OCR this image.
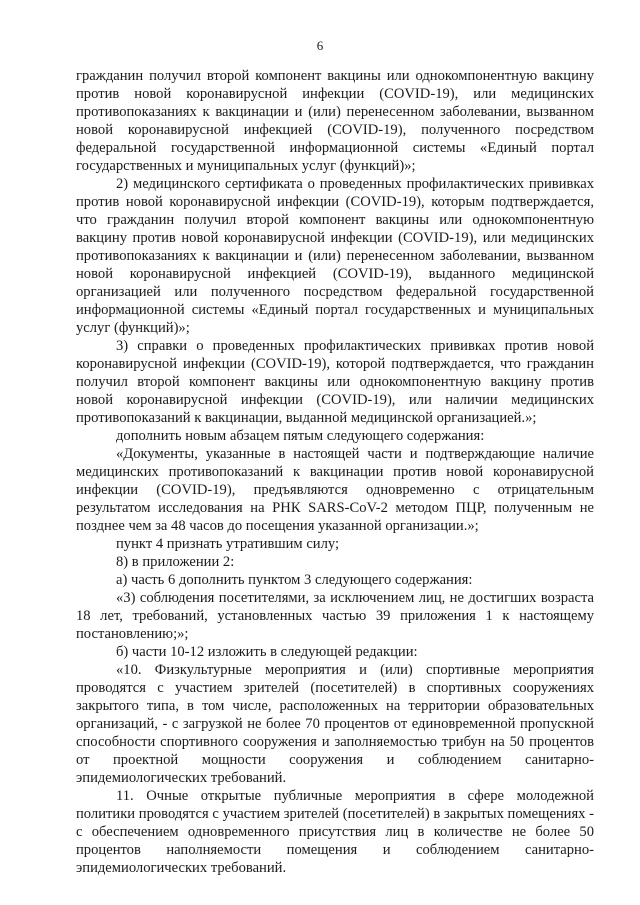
6

гражданин получил второй компонент вакцины или однокомпонентную вакцину против новой коронавирусной инфекции (COVID-19), или медицинских противопоказаниях к вакцинации и (или) перенесенном заболевании, вызванном новой коронавирусной инфекцией (COVID-19), полученного посредством федеральной государственной информационной системы «Единый портал государственных и муниципальных услуг (функций)»;

2) медицинского сертификата о проведенных профилактических прививках против новой коронавирусной инфекции (COVID-19), которым подтверждается, что гражданин получил второй компонент вакцины или однокомпонентную вакцину против новой коронавирусной инфекции (COVID-19), или медицинских противопоказаниях к вакцинации и (или) перенесенном заболевании, вызванном новой коронавирусной инфекцией (COVID-19), выданного медицинской организацией или полученного посредством федеральной государственной информационной системы «Единый портал государственных и муниципальных услуг (функций)»;

3) справки о проведенных профилактических прививках против новой коронавирусной инфекции (COVID-19), которой подтверждается, что гражданин получил второй компонент вакцины или однокомпонентную вакцину против новой коронавирусной инфекции (COVID-19), или наличии медицинских противопоказаний к вакцинации, выданной медицинской организацией.»;

дополнить новым абзацем пятым следующего содержания:

«Документы, указанные в настоящей части и подтверждающие наличие медицинских противопоказаний к вакцинации против новой коронавирусной инфекции (COVID-19), предъявляются одновременно с отрицательным результатом исследования на РНК SARS-CoV-2 методом ПЦР, полученным не позднее чем за 48 часов до посещения указанной организации.»;

пункт 4 признать утратившим силу;

8) в приложении 2:

а) часть 6 дополнить пунктом 3 следующего содержания:

«3) соблюдения посетителями, за исключением лиц, не достигших возраста 18 лет, требований, установленных частью 39 приложения 1 к настоящему постановлению;»;

б) части 10-12 изложить в следующей редакции:

«10. Физкультурные мероприятия и (или) спортивные мероприятия проводятся с участием зрителей (посетителей) в спортивных сооружениях закрытого типа, в том числе, расположенных на территории образовательных организаций, - с загрузкой не более 70 процентов от единовременной пропускной способности спортивного сооружения и заполняемостью трибун на 50 процентов от проектной мощности сооружения и соблюдением санитарно-эпидемиологических требований.

11. Очные открытые публичные мероприятия в сфере молодежной политики проводятся с участием зрителей (посетителей) в закрытых помещениях - с обеспечением одновременного присутствия лиц в количестве не более 50 процентов наполняемости помещения и соблюдением санитарно-эпидемиологических требований.
